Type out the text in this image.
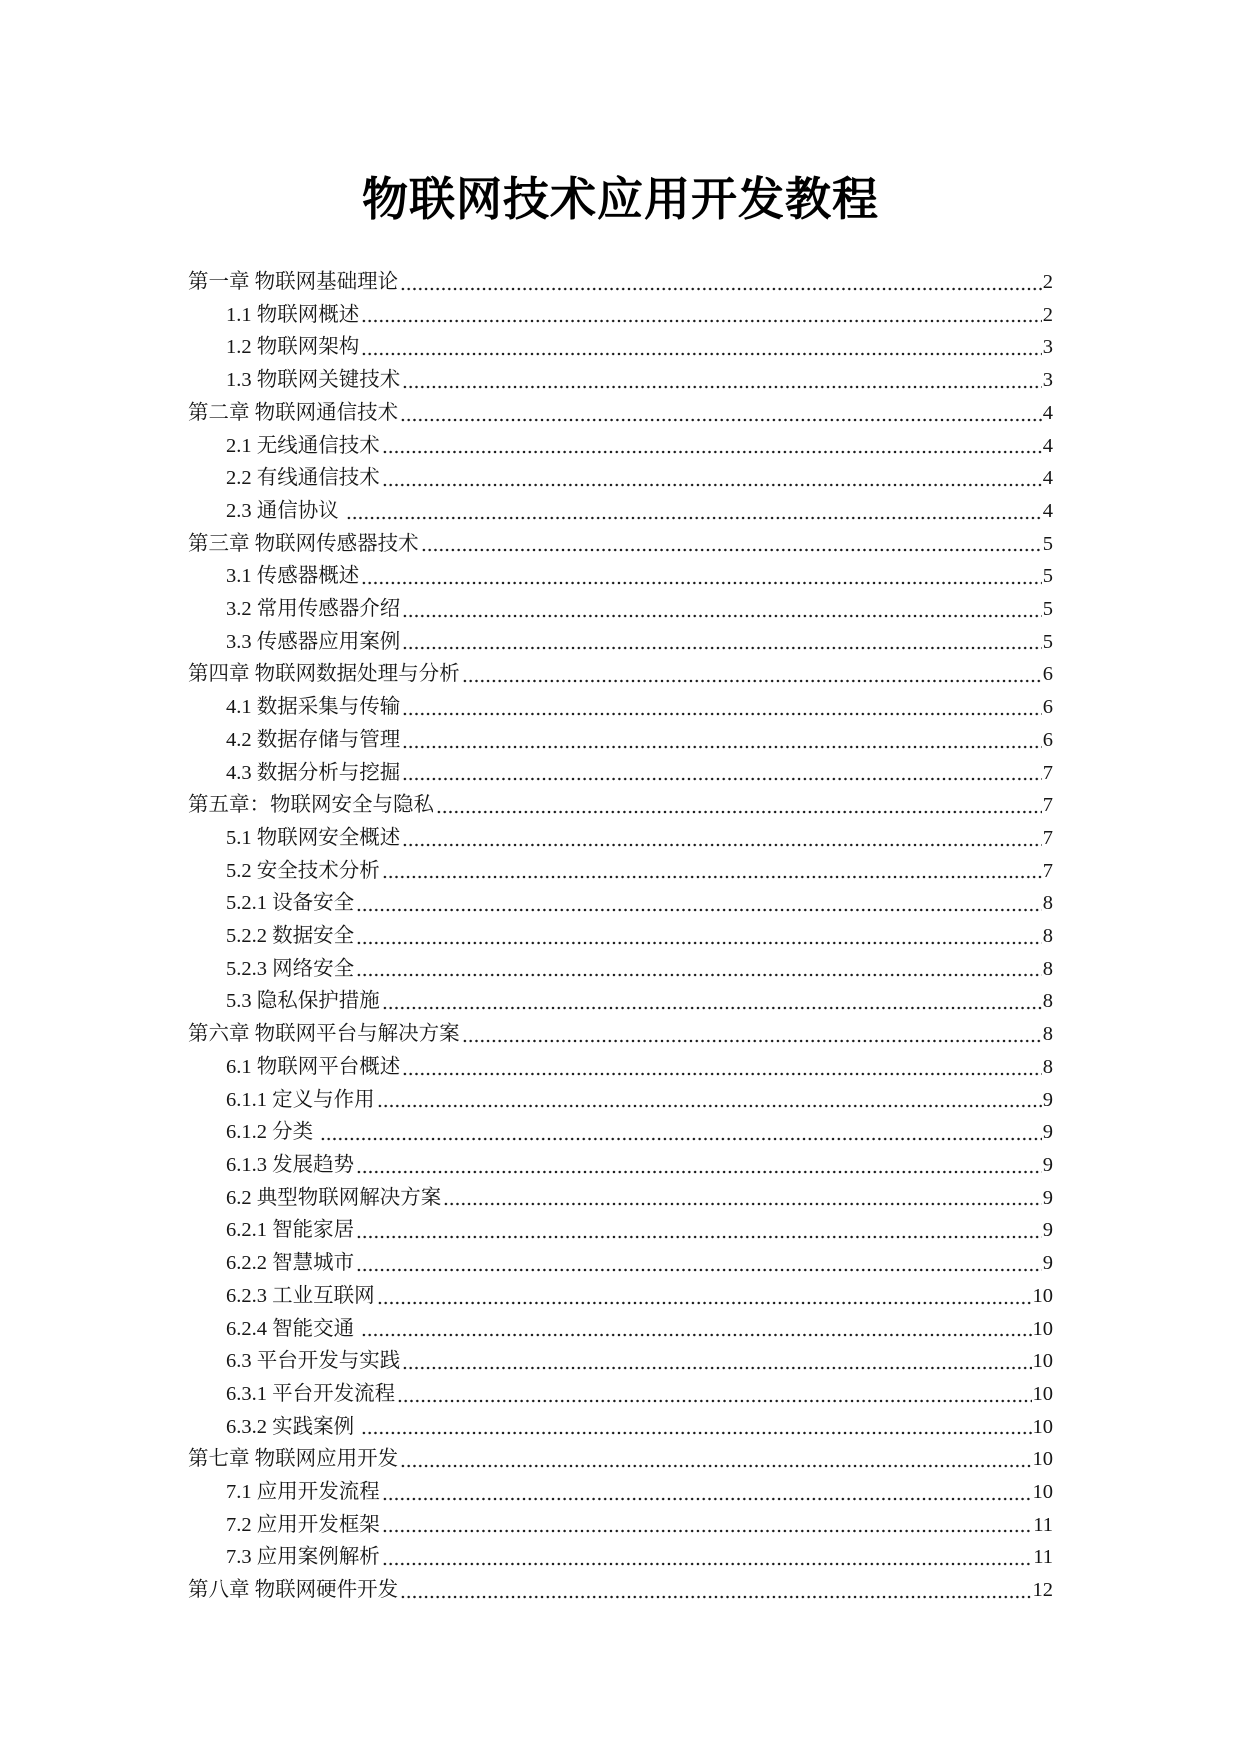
物联网技术应用开发教程
第一章 物联网基础理论	2
1.1 物联网概述	2
1.2 物联网架构	3
1.3 物联网关键技术	3
第二章 物联网通信技术	4
2.1 无线通信技术	4
2.2 有线通信技术	4
2.3 通信协议	4
第三章 物联网传感器技术	5
3.1 传感器概述	5
3.2 常用传感器介绍	5
3.3 传感器应用案例	5
第四章 物联网数据处理与分析	6
4.1 数据采集与传输	6
4.2 数据存储与管理	6
4.3 数据分析与挖掘	7
第五章：物联网安全与隐私	7
5.1 物联网安全概述	7
5.2 安全技术分析	7
5.2.1 设备安全	8
5.2.2 数据安全	8
5.2.3 网络安全	8
5.3 隐私保护措施	8
第六章 物联网平台与解决方案	8
6.1 物联网平台概述	8
6.1.1 定义与作用	9
6.1.2 分类	9
6.1.3 发展趋势	9
6.2 典型物联网解决方案	9
6.2.1 智能家居	9
6.2.2 智慧城市	9
6.2.3 工业互联网	10
6.2.4 智能交通	10
6.3 平台开发与实践	10
6.3.1 平台开发流程	10
6.3.2 实践案例	10
第七章 物联网应用开发	10
7.1 应用开发流程	10
7.2 应用开发框架	11
7.3 应用案例解析	11
第八章 物联网硬件开发	12
